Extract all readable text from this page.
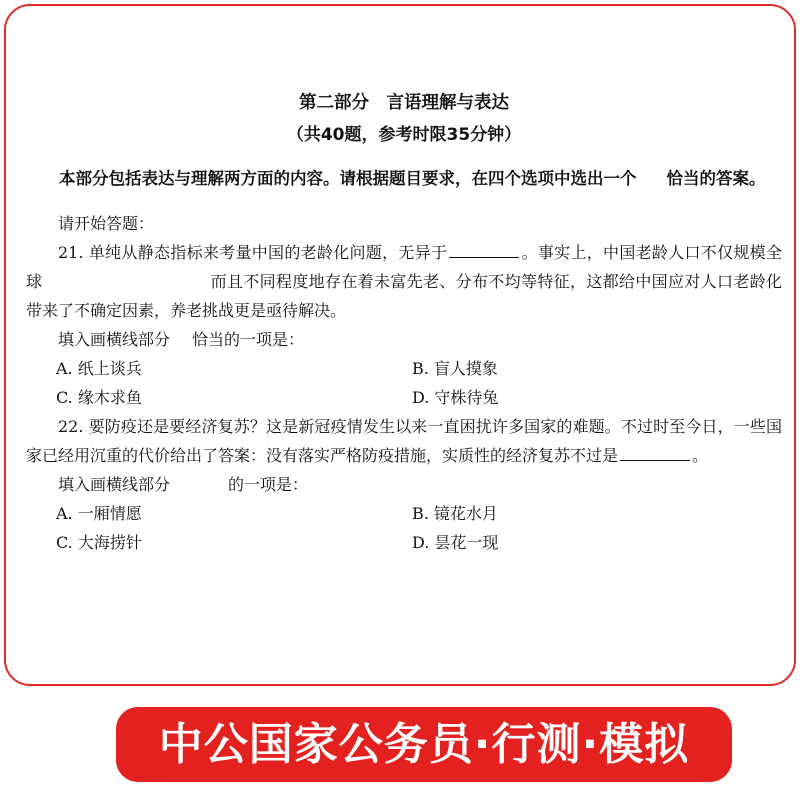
第二部分　言语理解与表达

（共40题，参考时限35分钟）

本部分包括表达与理解两方面的内容。请根据题目要求，在四个选项中选出一个 恰当的答案。

请开始答题：

21. 单纯从静态指标来考量中国的老龄化问题，无异于	。事实上，中国老龄人口不仅规模全球	而且不同程度地存在着未富先老、分布不均等特征，这都给中国应对人口老龄化带来了不确定因素，养老挑战更是亟待解决。

填入画横线部分 恰当的一项是：

A. 纸上谈兵	B. 盲人摸象
C. 缘木求鱼	D. 守株待兔

22. 要防疫还是要经济复苏？这是新冠疫情发生以来一直困扰许多国家的难题。不过时至今日，一些国家已经用沉重的代价给出了答案：没有落实严格防疫措施，实质性的经济复苏不过是	。

填入画横线部分	的一项是：

A. 一厢情愿	B. 镜花水月
C. 大海捞针	D. 昙花一现
中公国家公务员·行测·模拟
